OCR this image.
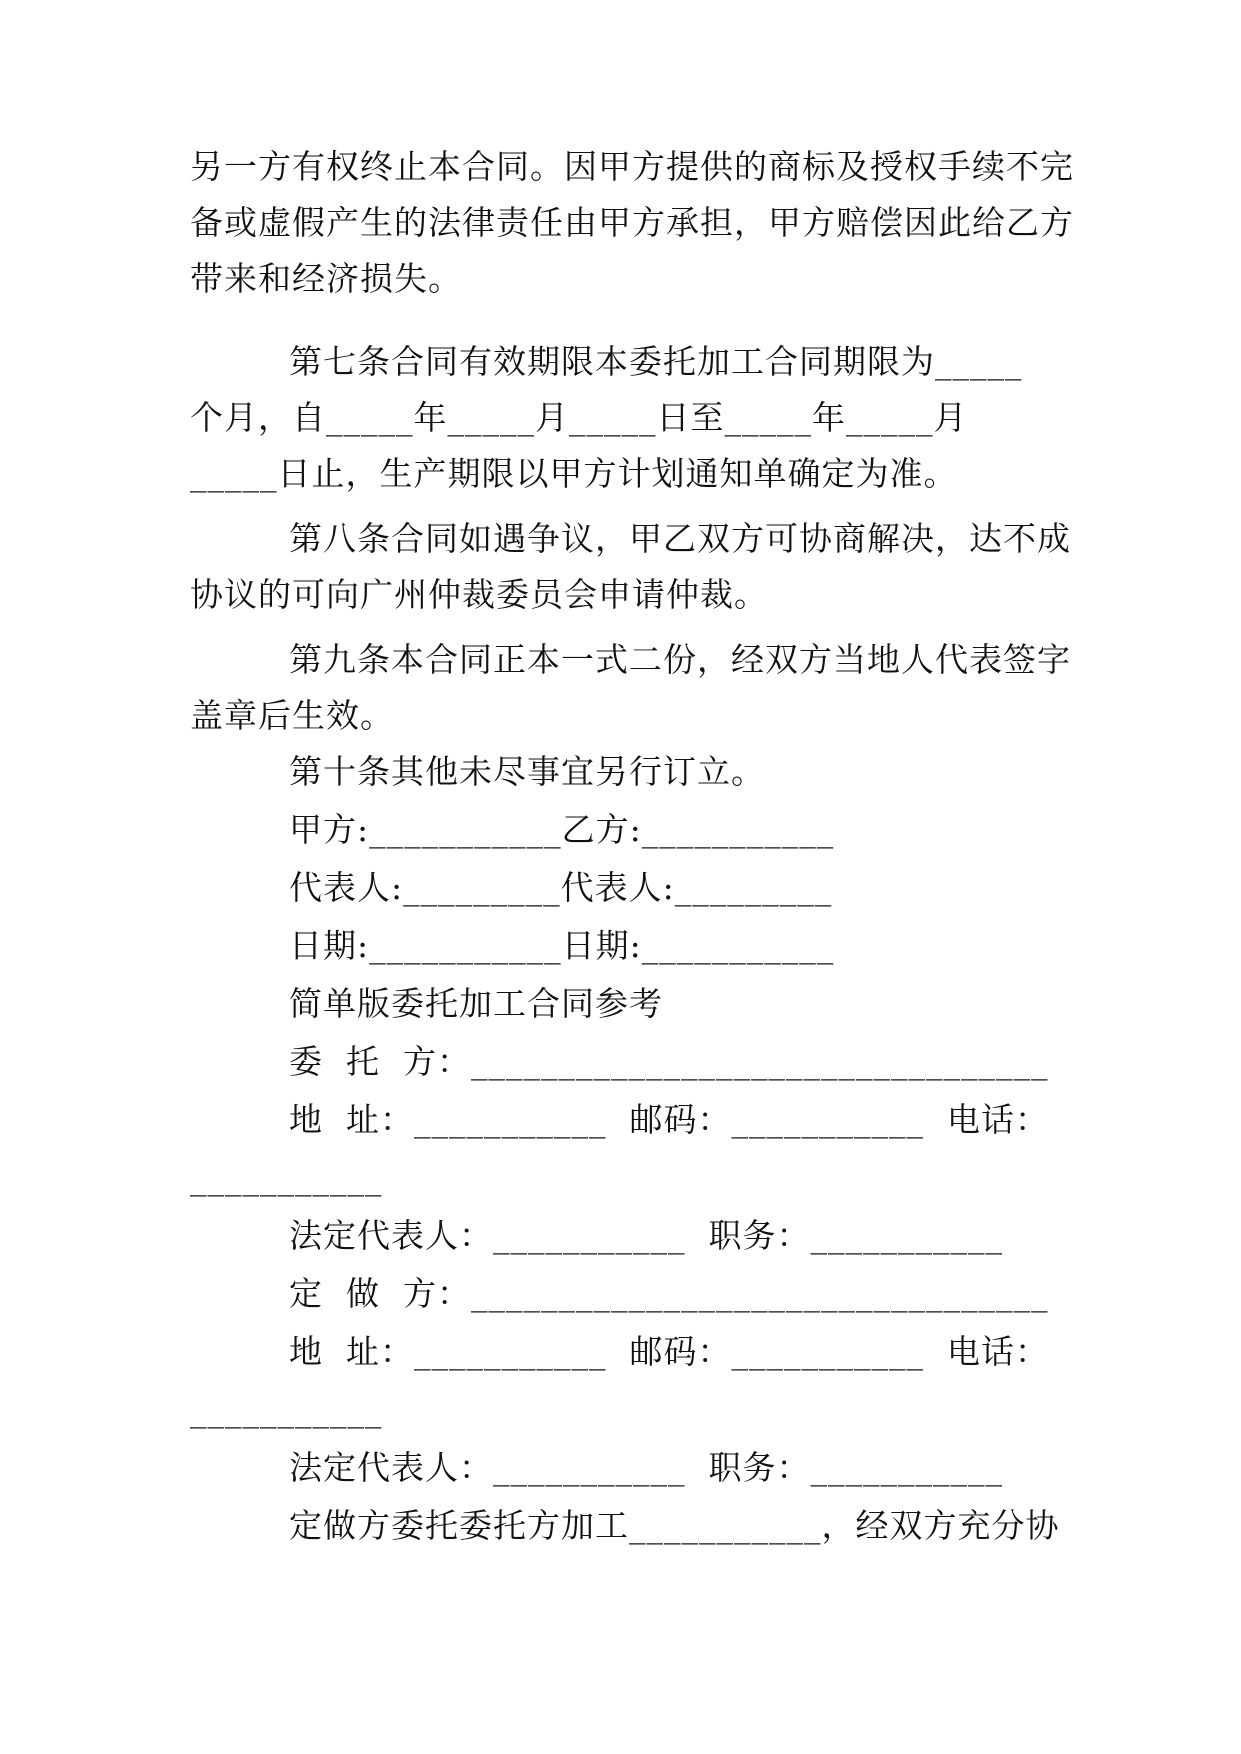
另一方有权终止本合同。因甲方提供的商标及授权手续不完
备或虚假产生的法律责任由甲方承担，甲方赔偿因此给乙方
带来和经济损失。
第七条合同有效期限本委托加工合同期限为_____
个月，自_____年_____月_____日至_____年_____月
_____日止，生产期限以甲方计划通知单确定为准。
第八条合同如遇争议，甲乙双方可协商解决，达不成
协议的可向广州仲裁委员会申请仲裁。
第九条本合同正本一式二份，经双方当地人代表签字
盖章后生效。
第十条其他未尽事宜另行订立。
甲方:___________乙方:___________
代表人:_________代表人:_________
日期:___________日期:___________
简单版委托加工合同参考
委  托  方：_________________________________
地  址：___________  邮码：___________  电话：
___________
法定代表人：___________  职务：___________
定  做  方：_________________________________
地  址：___________  邮码：___________  电话：
___________
法定代表人：___________  职务：___________
定做方委托委托方加工___________，经双方充分协
